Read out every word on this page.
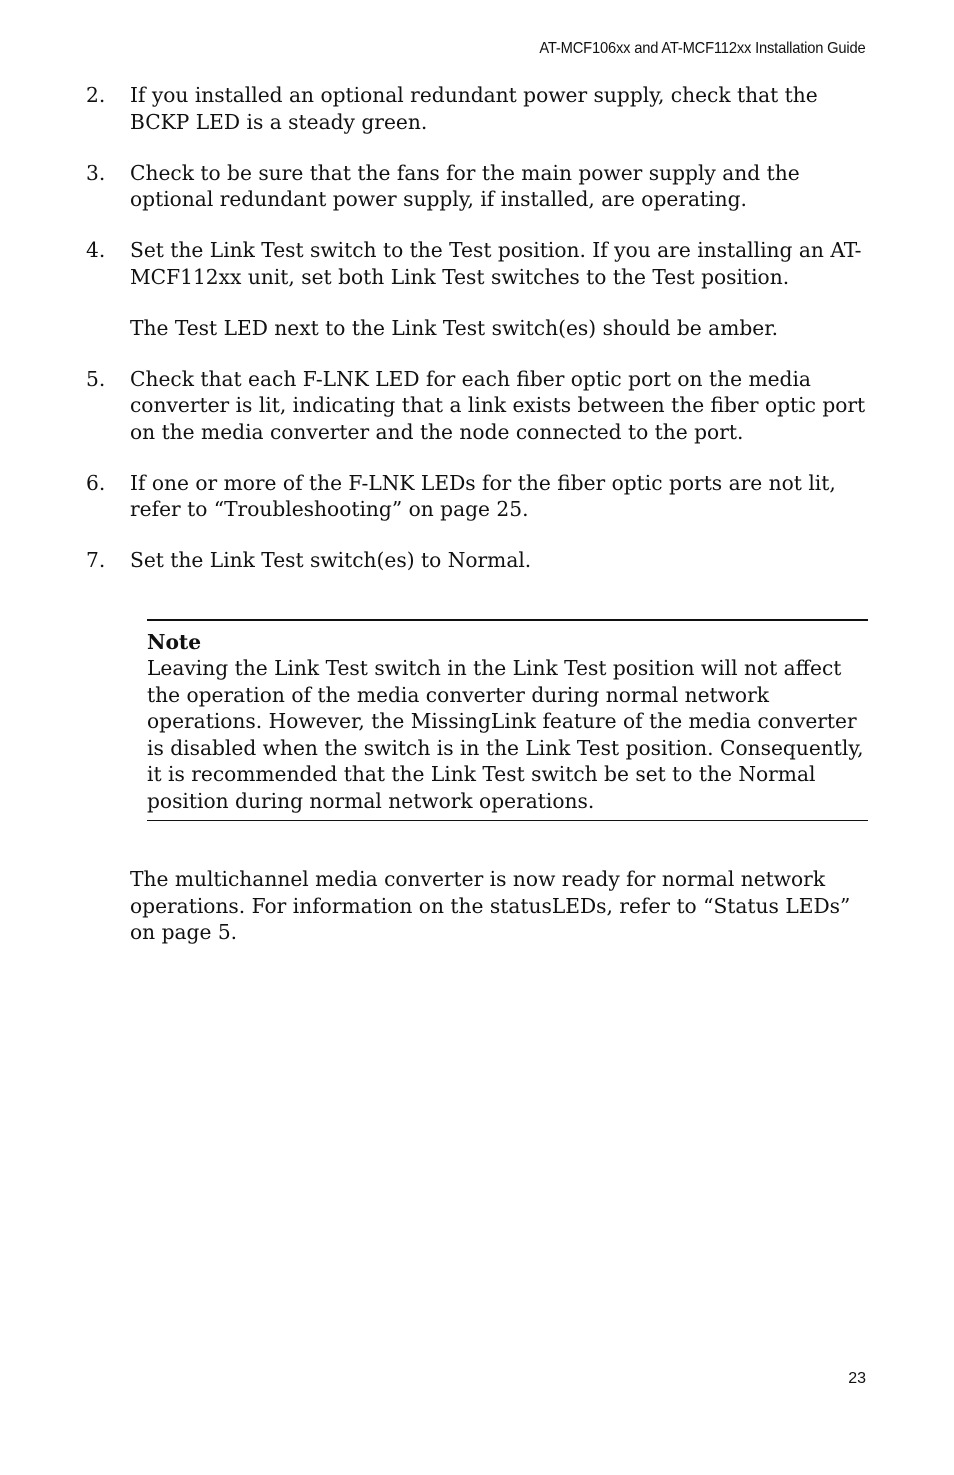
AT-MCF106xx and AT-MCF112xx Installation Guide
2. If you installed an optional redundant power supply, check that the BCKP LED is a steady green.

3. Check to be sure that the fans for the main power supply and the optional redundant power supply, if installed, are operating.

4. Set the Link Test switch to the Test position. If you are installing an AT-MCF112xx unit, set both Link Test switches to the Test position.

The Test LED next to the Link Test switch(es) should be amber.

5. Check that each F-LNK LED for each fiber optic port on the media converter is lit, indicating that a link exists between the fiber optic port on the media converter and the node connected to the port.

6. If one or more of the F-LNK LEDs for the fiber optic ports are not lit, refer to “Troubleshooting” on page 25.

7. Set the Link Test switch(es) to Normal.

Note
Leaving the Link Test switch in the Link Test position will not affect the operation of the media converter during normal network operations. However, the MissingLink feature of the media converter is disabled when the switch is in the Link Test position. Consequently, it is recommended that the Link Test switch be set to the Normal position during normal network operations.

The multichannel media converter is now ready for normal network operations. For information on the statusLEDs, refer to “Status LEDs” on page 5.

23
